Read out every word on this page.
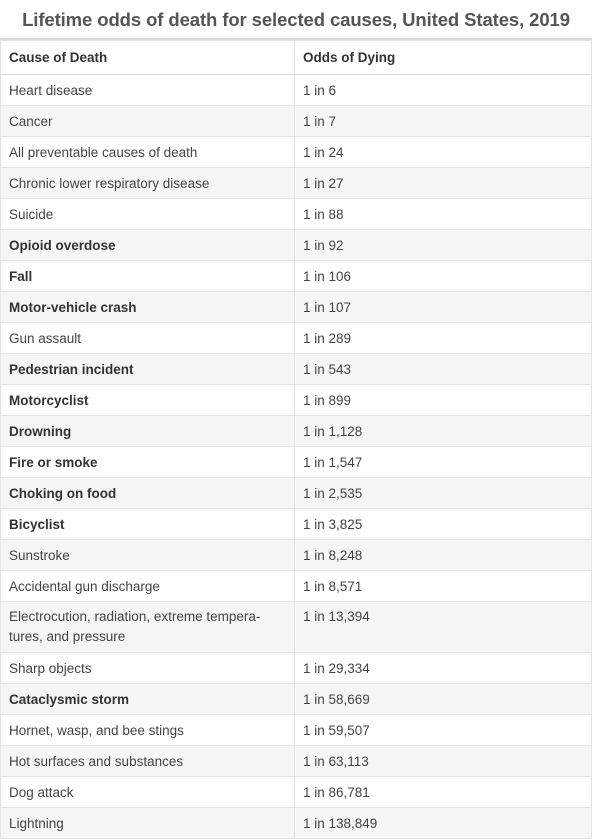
Lifetime odds of death for selected causes, United States, 2019
Cause of Death	Odds of Dying
Heart disease	1 in 6
Cancer	1 in 7
All preventable causes of death	1 in 24
Chronic lower respiratory disease	1 in 27
Suicide	1 in 88
Opioid overdose	1 in 92
Fall	1 in 106
Motor-vehicle crash	1 in 107
Gun assault	1 in 289
Pedestrian incident	1 in 543
Motorcyclist	1 in 899
Drowning	1 in 1,128
Fire or smoke	1 in 1,547
Choking on food	1 in 2,535
Bicyclist	1 in 3,825
Sunstroke	1 in 8,248
Accidental gun discharge	1 in 8,571
Electrocution, radiation, extreme tempera-tures, and pressure	1 in 13,394
Sharp objects	1 in 29,334
Cataclysmic storm	1 in 58,669
Hornet, wasp, and bee stings	1 in 59,507
Hot surfaces and substances	1 in 63,113
Dog attack	1 in 86,781
Lightning	1 in 138,849
